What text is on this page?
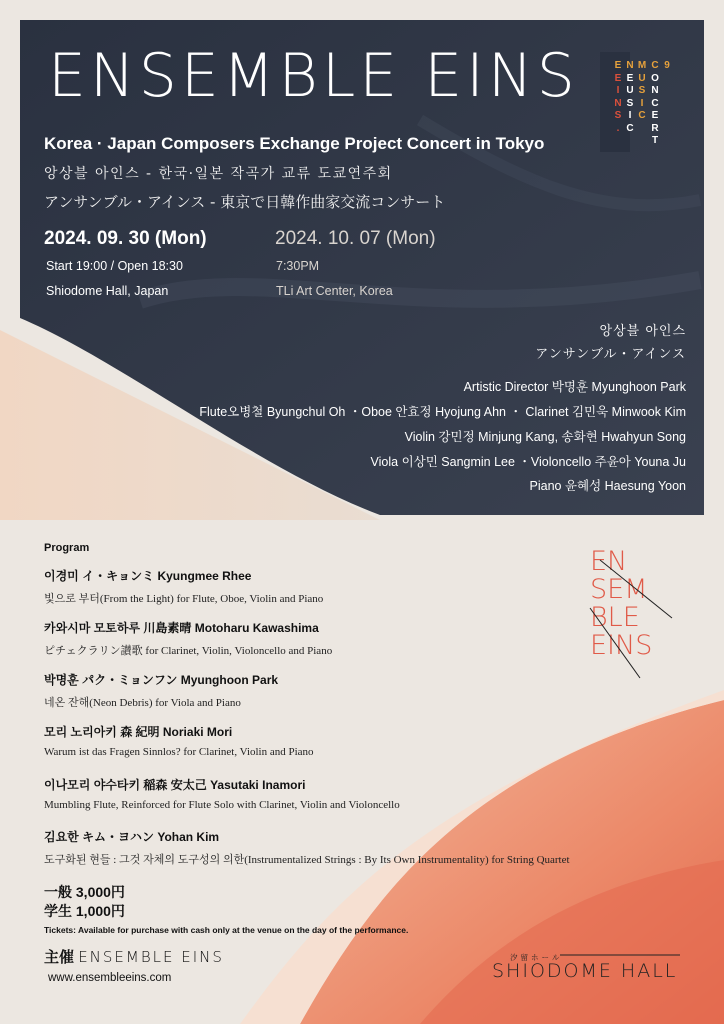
ENSEMBLE EINS
Korea · Japan Composers Exchange Project Concert in Tokyo
앙상블 아인스 - 한국·일본 작곡가 교류 도쿄연주회
アンサンブル・アインス - 東京で日韓作曲家交流コンサート
E
E
I
N
S
.
N
E
U
S
I
C
M
U
S
I
C
C
O
N
C
E
R
T
9
2024. 09. 30 (Mon)
Start 19:00 / Open 18:30
Shiodome Hall, Japan
2024. 10. 07 (Mon)
7:30PM
TLi Art Center, Korea
앙상블 아인스
アンサンブル・アインス
Artistic Director 박명훈 Myunghoon Park
Flute오병철 Byungchul Oh ・Oboe 안효정 Hyojung Ahn ・ Clarinet 김민욱 Minwook Kim
Violin 강민정 Minjung Kang, 송화현 Hwahyun Song
Viola 이상민 Sangmin Lee ・Violoncello 주윤아 Youna Ju
Piano 윤혜성 Haesung Yoon
Program
이경미 イ・キョンミ Kyungmee Rhee
빛으로 부터(From the Light) for Flute, Oboe, Violin and Piano
카와시마 모토하루 川島素晴 Motoharu Kawashima
ピチェクラリン讃歌 for Clarinet, Violin, Violoncello and Piano
박명훈 パク・ミョンフン Myunghoon Park
네온 잔해(Neon Debris) for Viola and Piano
모리 노리아키 森 紀明 Noriaki Mori
Warum ist das Fragen Sinnlos? for Clarinet, Violin and Piano
이나모리 야수타키 稲森 安太己 Yasutaki Inamori
Mumbling Flute, Reinforced for Flute Solo with Clarinet, Violin and Violoncello
김요한 キム・ヨハン Yohan Kim
도구화된 현들 : 그것 자체의 도구성의 의한(Instrumentalized Strings : By Its Own Instrumentality) for String Quartet
EN
SEM
BLE
EINS
一般 3,000円
学生 1,000円
Tickets: Available for purchase with cash only at the venue on the day of the performance.
主催 ENSEMBLE EINS
www.ensembleeins.com
汐留ホール
SHIODOME HALL
